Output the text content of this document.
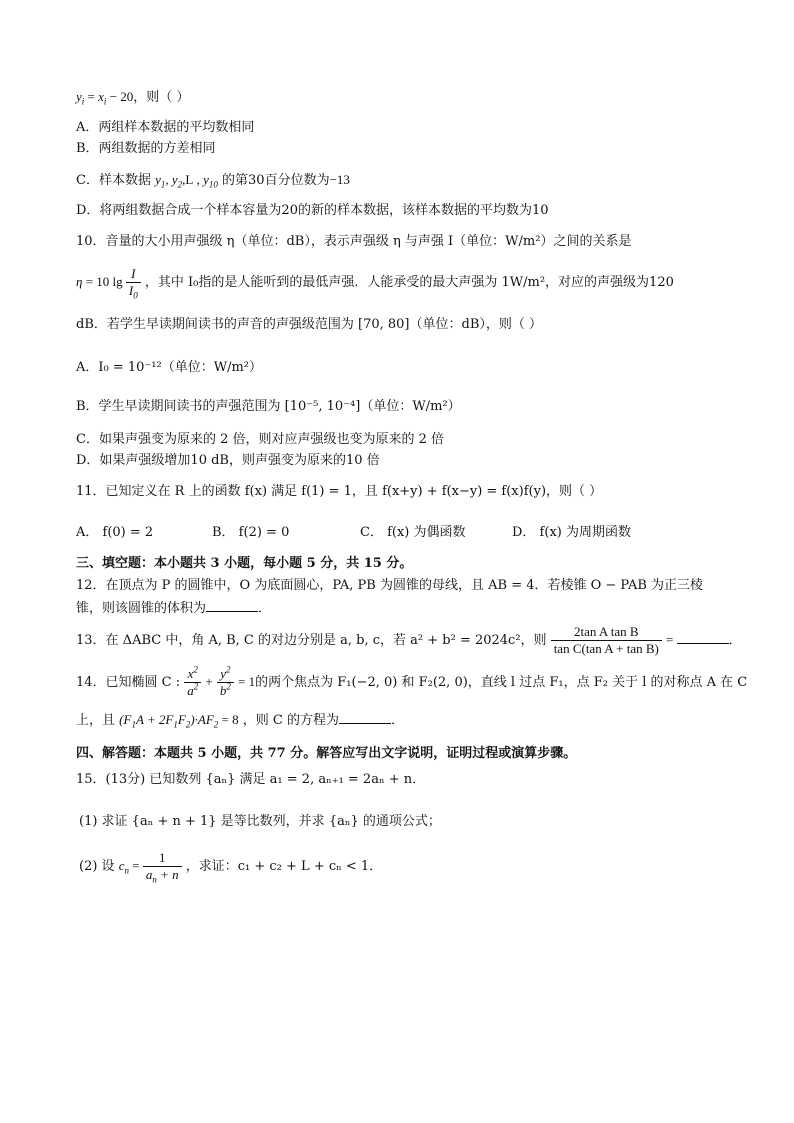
$y_i = x_i - 20$，则（ ）
A．两组样本数据的平均数相同
B．两组数据的方差相同
C．样本数据 $y_1$, $y_2,L$ , $y_{10}$ 的第30百分位数为−13
D．将两组数据合成一个样本容量为20的新的样本数据，该样本数据的平均数为10
10．音量的大小用声强级 η（单位：dB），表示声强级 η 与声强 I（单位：W/m²）之间的关系是
η = 10 $\lg \frac{I}{I_0}$ ，其中 I₀指的是人能听到的最低声强．人能承受的最大声强为 1W/m²，对应的声强级为120
dB．若学生早读期间读书的声音的声强级范围为 [70, 80]（单位：dB），则（ ）
A．I₀ = 10⁻¹²（单位：W/m²）
B．学生早读期间读书的声强范围为 [10⁻⁵, 10⁻⁴]（单位：W/m²）
C．如果声强变为原来的 2 倍，则对应声强级也变为原来的 2 倍
D．如果声强级增加10 dB，则声强变为原来的10 倍
11．已知定义在 R 上的函数 f(x) 满足 f(1) = 1，且 f(x+y) + f(x−y) = f(x)f(y)，则（ ）
A． f(0) = 2	B． f(2) = 0	C． f(x) 为偶函数	D． f(x) 为周期函数
三、填空题：本小题共 3 小题，每小题 5 分，共 15 分。
12．在顶点为 P 的圆锥中，O 为底面圆心，PA, PB 为圆锥的母线，且 AB = 4．若棱锥 O − PAB 为正三棱
锥，则该圆锥的体积为	．
13．在 ΔABC 中，角 A, B, C 的对边分别是 a, b, c，若 a² + b² = 2024c²，则 $\frac{\text{2tan A tan B}}{\text{tan C(tan A + tan B)}}$ =	．
14．已知椭圆 C : $\frac{x^2}{a^2} + \frac{y^2}{b^2} = 1$的两个焦点为 F₁(−2, 0) 和 F₂(2, 0)，直线 l 过点 F₁，点 F₂ 关于 l 的对称点 A 在 C
上，且 $(F_1A + 2F_1F_2)\cdot AF_2 = 8$ ，则 C 的方程为	．
四、解答题：本题共 5 小题，共 77 分。解答应写出文字说明，证明过程或演算步骤。
15．(13分) 已知数列 {aₙ} 满足 a₁ = 2, aₙ₊₁ = 2aₙ + n．
(1) 求证 {aₙ + n + 1} 是等比数列，并求 {aₙ} 的通项公式；
(2) 设 $c_n = \frac{1}{a_n + n}$ ，求证：c₁ + c₂ + L + cₙ < 1．
